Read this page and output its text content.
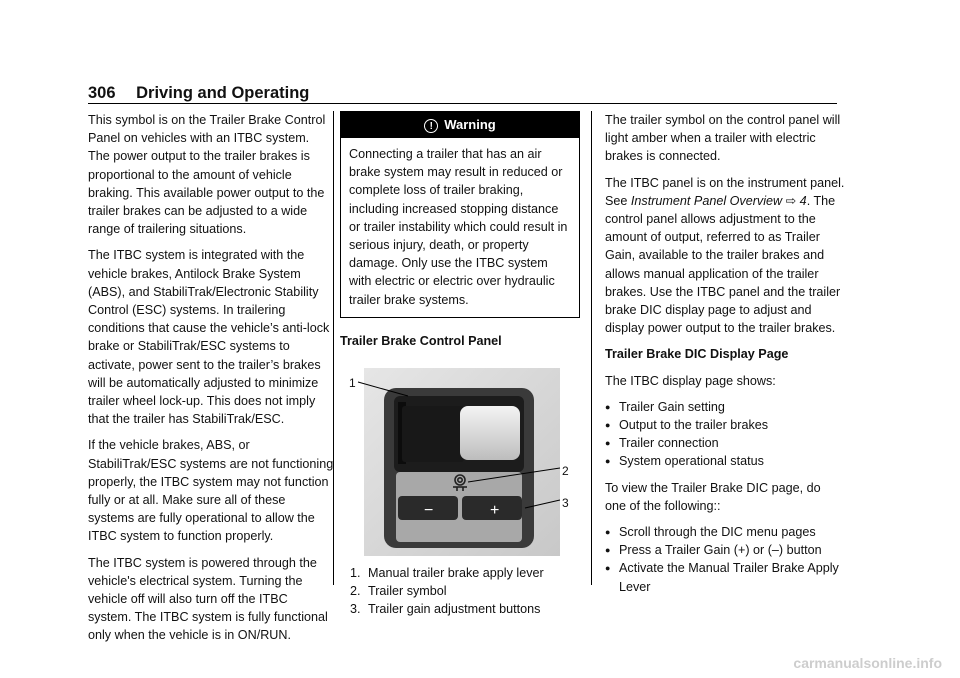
306 Driving and Operating

This symbol is on the Trailer Brake Control Panel on vehicles with an ITBC system. The power output to the trailer brakes is proportional to the amount of vehicle braking. This available power output to the trailer brakes can be adjusted to a wide range of trailering situations.

The ITBC system is integrated with the vehicle brakes, Antilock Brake System (ABS), and StabiliTrak/Electronic Stability Control (ESC) systems. In trailering conditions that cause the vehicle’s anti-lock brake or StabiliTrak/ESC systems to activate, power sent to the trailer’s brakes will be automatically adjusted to minimize trailer wheel lock-up. This does not imply that the trailer has StabiliTrak/ESC.

If the vehicle brakes, ABS, or StabiliTrak/ESC systems are not functioning properly, the ITBC system may not function fully or at all. Make sure all of these systems are fully operational to allow the ITBC system to function properly.

The ITBC system is powered through the vehicle's electrical system. Turning the vehicle off will also turn off the ITBC system. The ITBC system is fully functional only when the vehicle is in ON/RUN.

! Warning
Connecting a trailer that has an air brake system may result in reduced or complete loss of trailer braking, including increased stopping distance or trailer instability which could result in serious injury, death, or property damage. Only use the ITBC system with electric or electric over hydraulic trailer brake systems.
Trailer Brake Control Panel
1
2
3
−	+
1. Manual trailer brake apply lever
2. Trailer symbol
3. Trailer gain adjustment buttons

The trailer symbol on the control panel will light amber when a trailer with electric brakes is connected.

The ITBC panel is on the instrument panel. See Instrument Panel Overview ⇨ 4. The control panel allows adjustment to the amount of output, referred to as Trailer Gain, available to the trailer brakes and allows manual application of the trailer brakes. Use the ITBC panel and the trailer brake DIC display page to adjust and display power output to the trailer brakes.

Trailer Brake DIC Display Page

The ITBC display page shows:

● Trailer Gain setting
● Output to the trailer brakes
● Trailer connection
● System operational status

To view the Trailer Brake DIC page, do one of the following::

● Scroll through the DIC menu pages
● Press a Trailer Gain (+) or (–) button
● Activate the Manual Trailer Brake Apply Lever
carmanualsonline.info
